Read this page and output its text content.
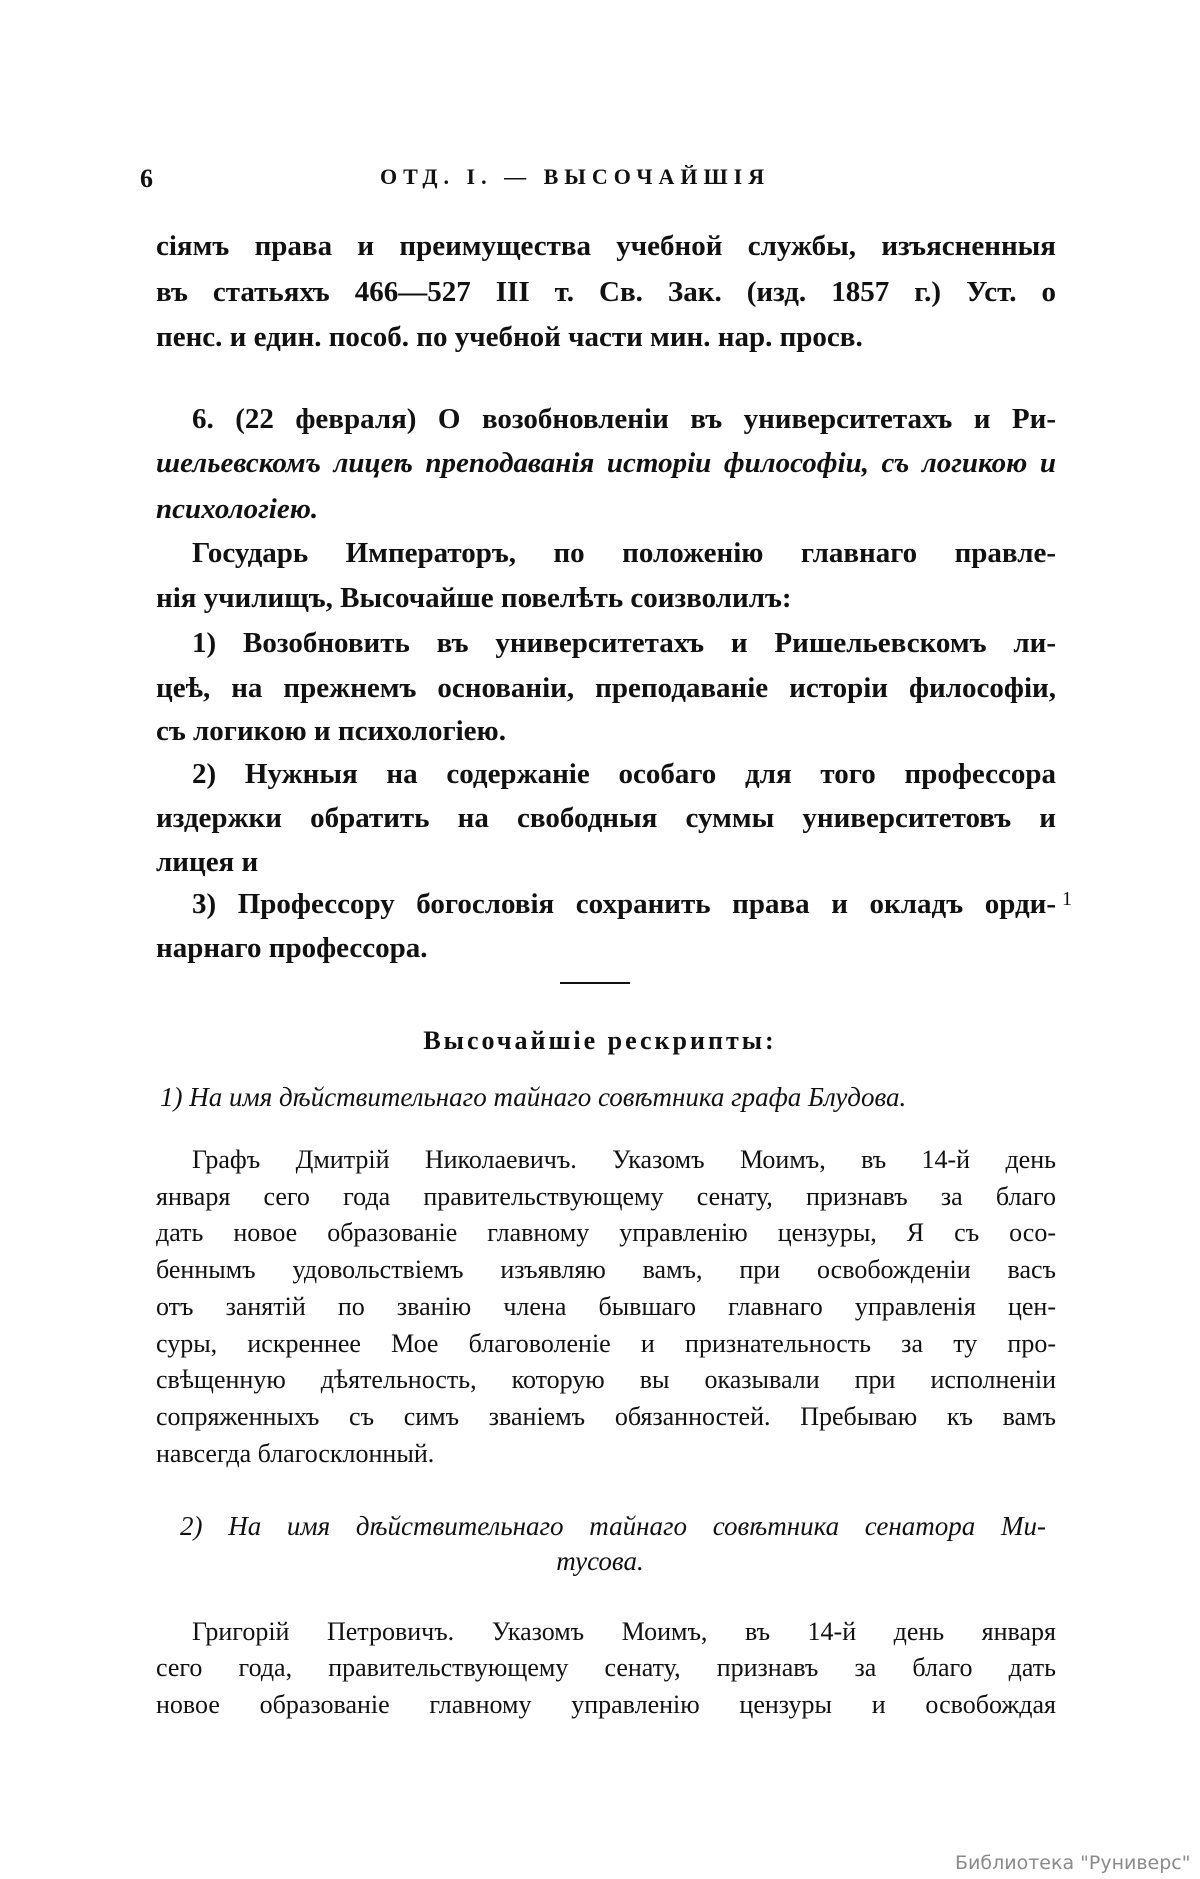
6	ОТД. I. — ВЫСОЧАЙШІЯ
сіямъ права и преимущества учебной службы, изъясненныя
въ статьяхъ 466—527 III т. Св. Зак. (изд. 1857 г.) Уст. о
пенс. и един. пособ. по учебной части мин. нар. просв.
6. (22 февраля) О возобновленіи въ университетахъ и Ри-
шельевскомъ лицеѣ преподаванія исторіи философіи, съ логикою и
психологіею.
Государь Императоръ, по положенію главнаго правле-
нія училищъ, Высочайше повелѣть соизволилъ:
1) Возобновить въ университетахъ и Ришельевскомъ ли-
цеѣ, на прежнемъ основаніи, преподаваніе исторіи философіи,
съ логикою и психологіею.
2) Нужныя на содержаніе особаго для того профессора
издержки обратить на свободныя суммы университетовъ и
лицея и
3) Профессору богословія сохранить права и окладъ орди-
нарнаго профессора.
1
Высочайшіе рескрипты:
1) На имя дѣйствительнаго тайнаго совѣтника графа Блудова.
Графъ Дмитрій Николаевичъ. Указомъ Моимъ, въ 14-й день
января сего года правительствующему сенату, признавъ за благо
дать новое образованіе главному управленію цензуры, Я съ осо-
беннымъ удовольствіемъ изъявляю вамъ, при освобожденіи васъ
отъ занятій по званію члена бывшаго главнаго управленія цен-
суры, искреннее Мое благоволеніе и признательность за ту про-
свѣщенную дѣятельность, которую вы оказывали при исполненіи
сопряженныхъ съ симъ званіемъ обязанностей. Пребываю къ вамъ
навсегда благосклонный.
2) На имя дѣйствительнаго тайнаго совѣтника сенатора Ми-
тусова.
Григорій Петровичъ. Указомъ Моимъ, въ 14-й день января
сего года, правительствующему сенату, признавъ за благо дать
новое образованіе главному управленію цензуры и освобождая
Библиотека "Руниверс"
